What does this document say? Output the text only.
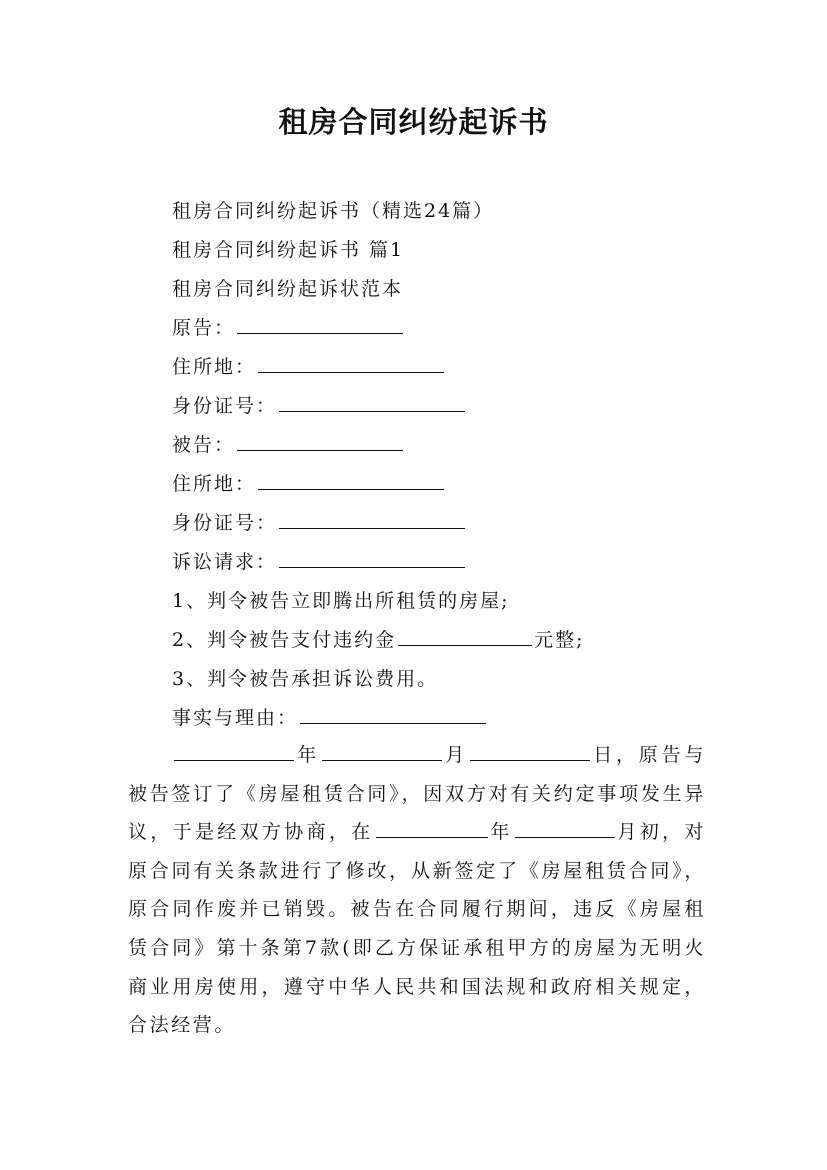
租房合同纠纷起诉书
租房合同纠纷起诉书（精选24篇）
租房合同纠纷起诉书 篇1
租房合同纠纷起诉状范本
原告：
住所地：
身份证号：
被告：
住所地：
身份证号：
诉讼请求：
1、判令被告立即腾出所租赁的房屋;
2、判令被告支付违约金	元整;
3、判令被告承担诉讼费用。
事实与理由：
年	月	日，原告与被告签订了《房屋租赁合同》，因双方对有关约定事项发生异议，于是经双方协商，在	年	月初，对原合同有关条款进行了修改，从新签定了《房屋租赁合同》，原合同作废并已销毁。被告在合同履行期间，违反《房屋租赁合同》第十条第7款(即乙方保证承租甲方的房屋为无明火商业用房使用，遵守中华人民共和国法规和政府相关规定，合法经营。
